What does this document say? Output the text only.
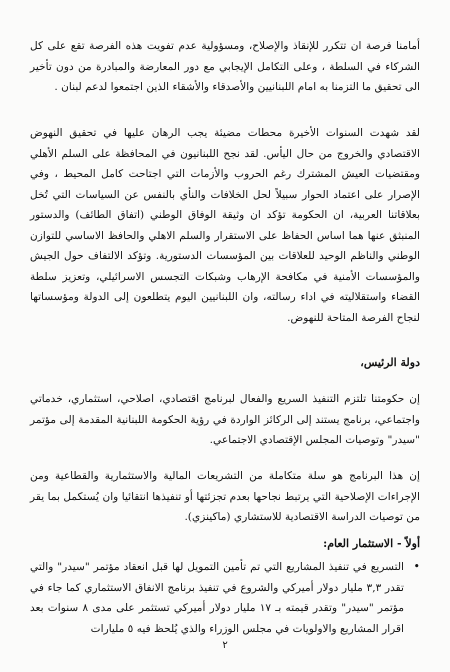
أمامنا فرصة ان تتكرر للإنقاذ والإصلاح، ومسؤولية عدم تفويت هذه الفرصة تقع على كل الشركاء في السلطة ، وعلى التكامل الإيجابي مع دور المعارضة والمبادرة من دون تأخير الى تحقيق ما التزمنا به امام اللبنانيين والأصدقاء والأشقاء الذين اجتمعوا لدعم لبنان .

لقد شهدت السنوات الأخيرة محطات مضيئة يجب الرهان عليها في تحقيق النهوض الاقتصادي والخروج من حال اليأس. لقد نجح اللبنانيون في المحافظة على السلم الأهلي ومقتضيات العيش المشترك رغم الحروب والأزمات التي اجتاحت كامل المحيط ، وفي الإصرار على اعتماد الحوار سبيلاً لحل الخلافات والنأي بالنفس عن السياسات التي تُخل بعلاقاتنا العربية، ان الحكومة تؤكد ان وثيقة الوفاق الوطني (اتفاق الطائف) والدستور المنبثق عنها هما اساس الحفاظ على الاستقرار والسلم الاهلي والحافظ الاساسي للتوازن الوطني والناظم الوحيد للعلاقات بين المؤسسات الدستورية. وتؤكد الالتفاف حول الجيش والمؤسسات الأمنية في مكافحة الإرهاب وشبكات التجسس الاسرائيلي، وتعزيز سلطة القضاء واستقلاليته في اداء رسالته، وان اللبنانيين اليوم يتطلعون إلى الدولة ومؤسساتها لنجاح الفرصة المتاحة للنهوض.

دولة الرئيس،

إن حكومتنا تلتزم التنفيذ السريع والفعال لبرنامج اقتصادي، اصلاحي، استثماري، خدماتي واجتماعي، برنامج يستند إلى الركائز الواردة في رؤية الحكومة اللبنانية المقدمة إلى مؤتمر "سيدر" وتوصيات المجلس الإقتصادي الاجتماعي.

إن هذا البرنامج هو سلة متكاملة من التشريعات المالية والاستثمارية والقطاعية ومن الإجراءات الإصلاحية التي يرتبط نجاحها بعدم تجزئتها أو تنفيذها انتقائيا وان يُستكمل بما يقر من توصيات الدراسة الاقتصادية للاستشاري (ماكينزي).

أولاً - الاستثمار العام:
•
التسريع في تنفيذ المشاريع التي تم تأمين التمويل لها قبل انعقاد مؤتمر "سيدر" والتي تقدر ٣,٣ مليار دولار أميركي والشروع في تنفيذ برنامج الانفاق الاستثماري كما جاء في مؤتمر "سيدر" وتقدر قيمته بـ ١٧ مليار دولار أميركي تستثمر على مدى ٨ سنوات بعد اقرار المشاريع والاولويات في مجلس الوزراء والذي يُلحظ فيه ٥ مليارات
٢
